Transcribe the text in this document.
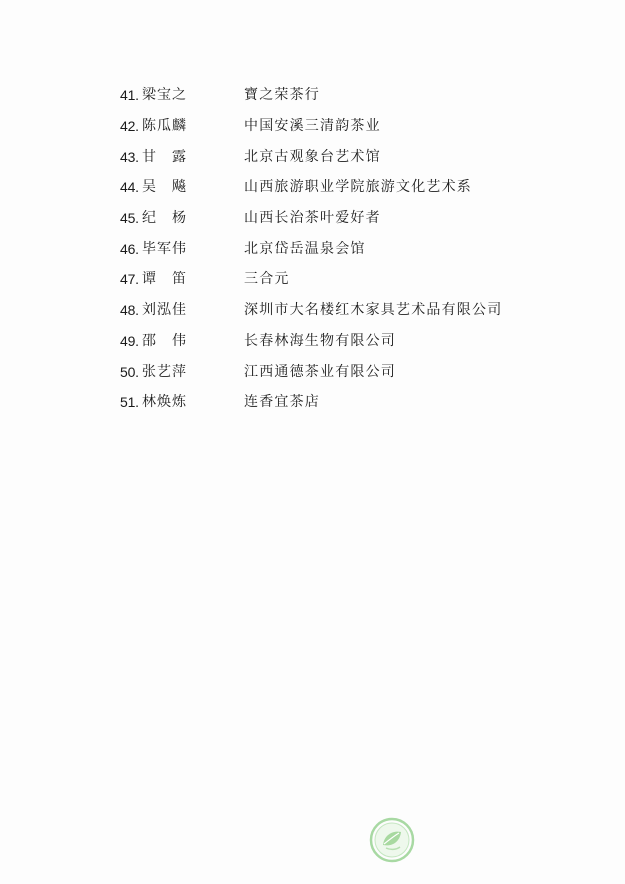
41. 梁宝之	寶之荣茶行
42. 陈瓜麟	中国安溪三清韵茶业
43. 甘　露	北京古观象台艺术馆
44. 吴　飚	山西旅游职业学院旅游文化艺术系
45. 纪　杨	山西长治茶叶爱好者
46. 毕军伟	北京岱岳温泉会馆
47. 谭　笛	三合元
48. 刘泓佳	深圳市大名楼红木家具艺术品有限公司
49. 邵　伟	长春林海生物有限公司
50. 张艺萍	江西通德茶业有限公司
51. 林焕炼	连香宜茶店
